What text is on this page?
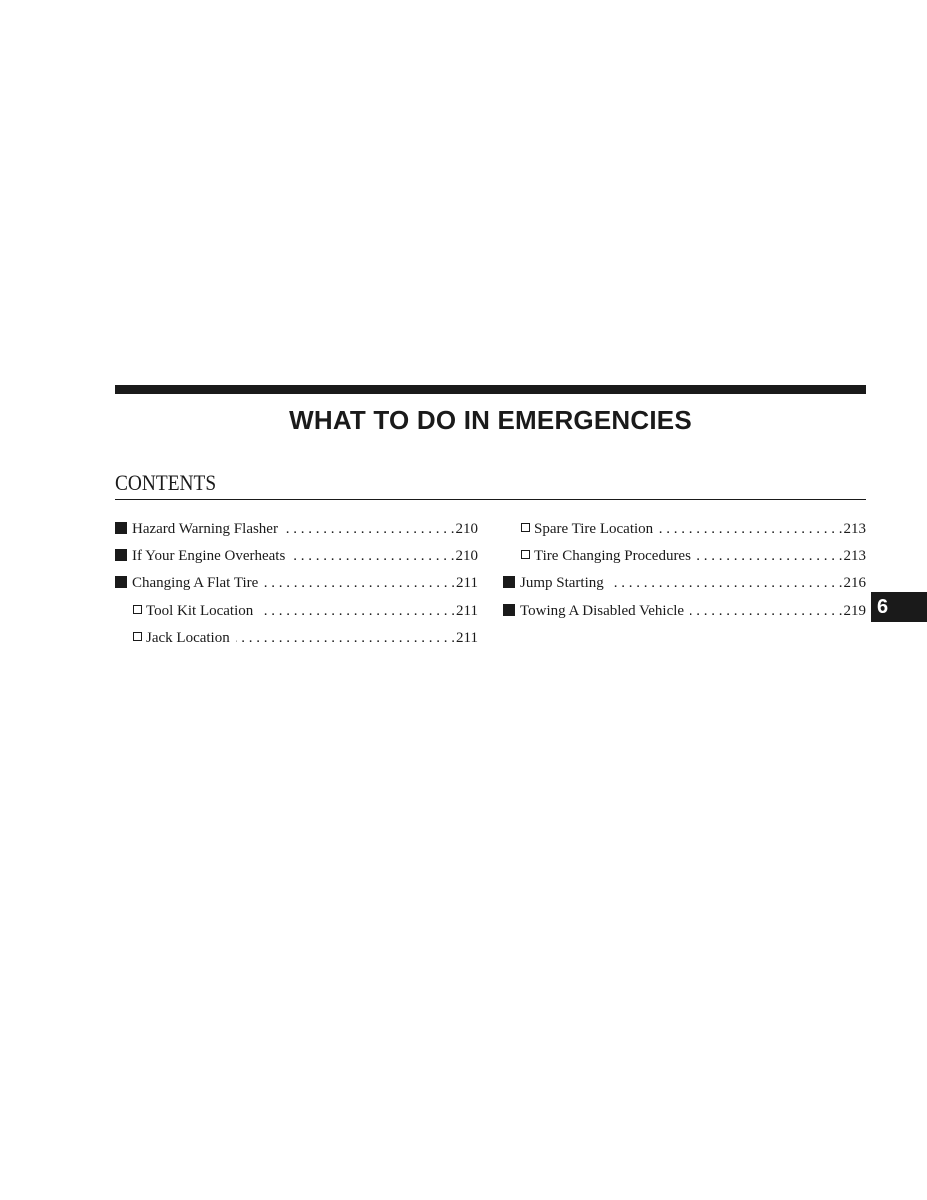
WHAT TO DO IN EMERGENCIES
CONTENTS
Hazard Warning Flasher . . .	210
If Your Engine Overheats . . .	210
Changing A Flat Tire . . .	211
Tool Kit Location . . .	211
Jack Location . . .	211
Spare Tire Location . . .	213
Tire Changing Procedures . . .	213
Jump Starting . . .	216
Towing A Disabled Vehicle . . .	219 6
